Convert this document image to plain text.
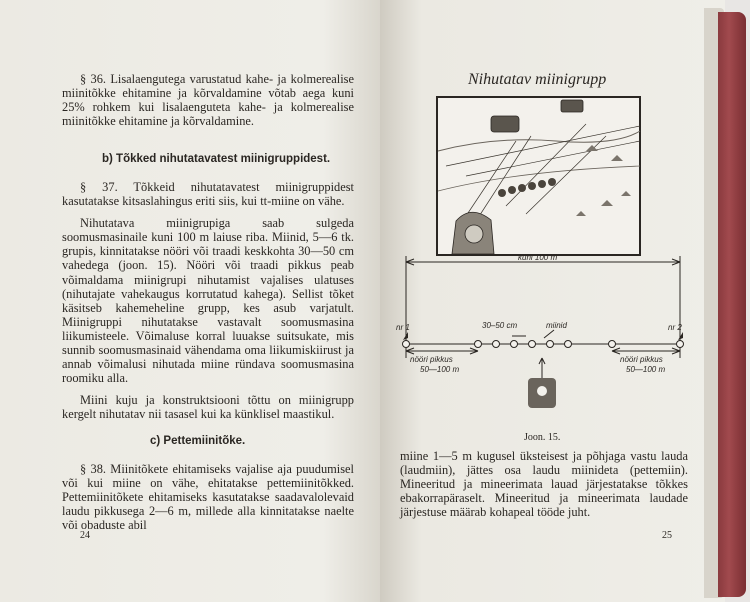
§ 36. Lisalaengutega varustatud kahe- ja kolmerealise miinitõkke ehitamine ja kõrvaldamine võtab aega kuni 25% rohkem kui lisalaenguteta kahe- ja kolmerealise miinitõkke ehitamine ja kõrvaldamine.

b) Tõkked nihutatavatest miinigruppidest.

§ 37. Tõkkeid nihutatavatest miinigruppidest kasutatakse kitsaslahingus eriti siis, kui tt-miine on vähe.

Nihutatava miinigrupiga saab sulgeda soomusmasinaile kuni 100 m laiuse riba. Miinid, 5—6 tk. grupis, kinnitatakse nööri või traadi keskkohta 30—50 cm vahedega (joon. 15). Nööri või traadi pikkus peab võimaldama miinigrupi nihutamist vajalises ulatuses (nihutajate vahekaugus korrutatud kahega). Sellist tõket käsitseb kahemeheline grupp, kes asub varjatult. Miinigruppi nihutatakse vastavalt soomusmasina liikumisteele. Võimaluse korral luuakse suitsukate, mis sunnib soomusmasinaid vähendama oma liikumiskiirust ja annab võimalusi nihutada miine ründava soomusmasina roomiku alla.

Miini kuju ja konstruktsiooni tõttu on miinigrupp kergelt nihutatav nii tasasel kui ka künklisel maastikul.

c) Pettemiinitõke.

§ 38. Miinitõkete ehitamiseks vajalise aja puudumisel või kui miine on vähe, ehitatakse pettemiinitõkked. Pettemiinitõkete ehitamiseks kasutatakse saadavalolevaid laudu pikkusega 2—6 m, millede alla kinnitatakse naelte või obaduste abil

24
Nihutatav miinigrupp
kuni 100 m
nr 1	nr 2
30–50 cm	miinid
nööri pikkus
50—100 m
nööri pikkus
50—100 m
Joon. 15.

miine 1—5 m kugusel üksteisest ja põhjaga vastu lauda (laudmiin), jättes osa laudu miinideta (pettemiin). Mineeritud ja mineerimata lauad järjestatakse tõkkes ebakorrapäraselt. Mineeritud ja mineerimata laudade järjestuse määrab kohapeal tööde juht.

25
